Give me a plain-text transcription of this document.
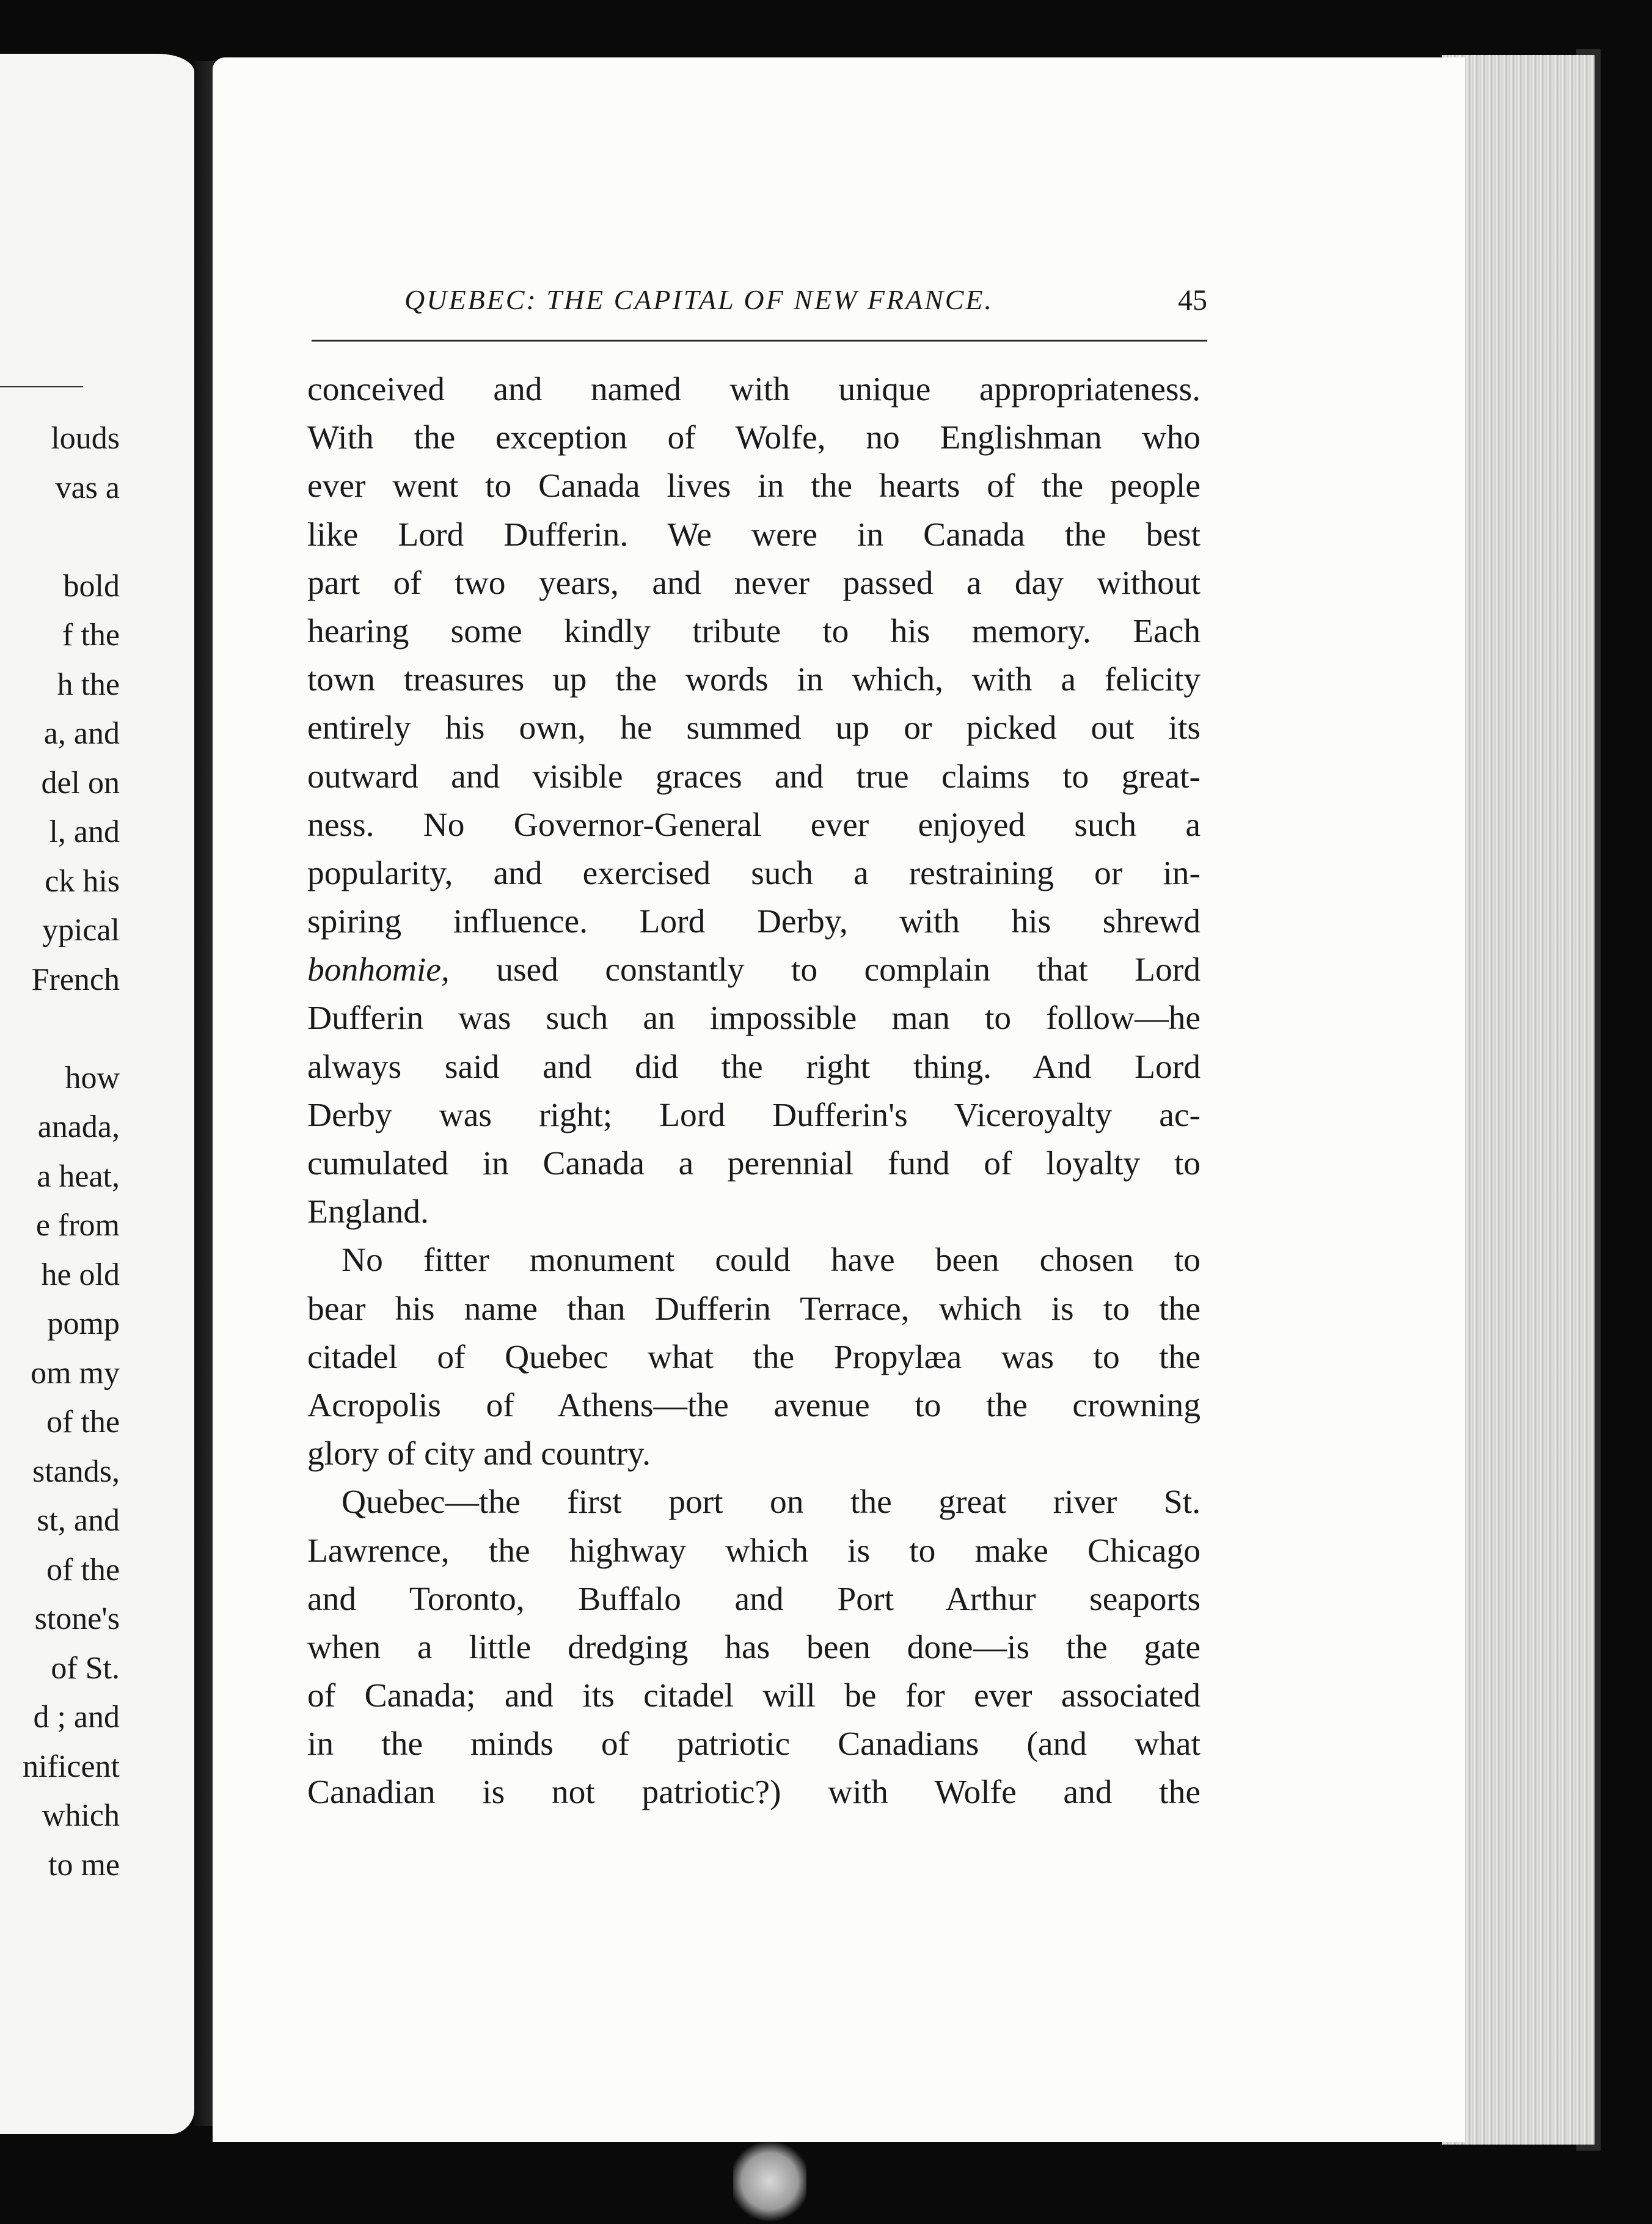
louds
vas a
bold
f the
h the
a, and
del on
l, and
ck his
ypical
French
how
anada,
a heat,
e from
he old
pomp
om my
of the
stands,
st, and
of the
stone's
of St.
d ; and
nificent
which
to me
QUEBEC: THE CAPITAL OF NEW FRANCE.	45
conceived and named with unique appropriateness.
With the exception of Wolfe, no Englishman who
ever went to Canada lives in the hearts of the people
like Lord Dufferin. We were in Canada the best
part of two years, and never passed a day without
hearing some kindly tribute to his memory. Each
town treasures up the words in which, with a felicity
entirely his own, he summed up or picked out its
outward and visible graces and true claims to great-
ness. No Governor-General ever enjoyed such a
popularity, and exercised such a restraining or in-
spiring influence. Lord Derby, with his shrewd
bonhomie, used constantly to complain that Lord
Dufferin was such an impossible man to follow—he
always said and did the right thing. And Lord
Derby was right; Lord Dufferin's Viceroyalty ac-
cumulated in Canada a perennial fund of loyalty to
England.
No fitter monument could have been chosen to
bear his name than Dufferin Terrace, which is to the
citadel of Quebec what the Propylæa was to the
Acropolis of Athens—the avenue to the crowning
glory of city and country.
Quebec—the first port on the great river St.
Lawrence, the highway which is to make Chicago
and Toronto, Buffalo and Port Arthur seaports
when a little dredging has been done—is the gate
of Canada; and its citadel will be for ever associated
in the minds of patriotic Canadians (and what
Canadian is not patriotic?) with Wolfe and the
